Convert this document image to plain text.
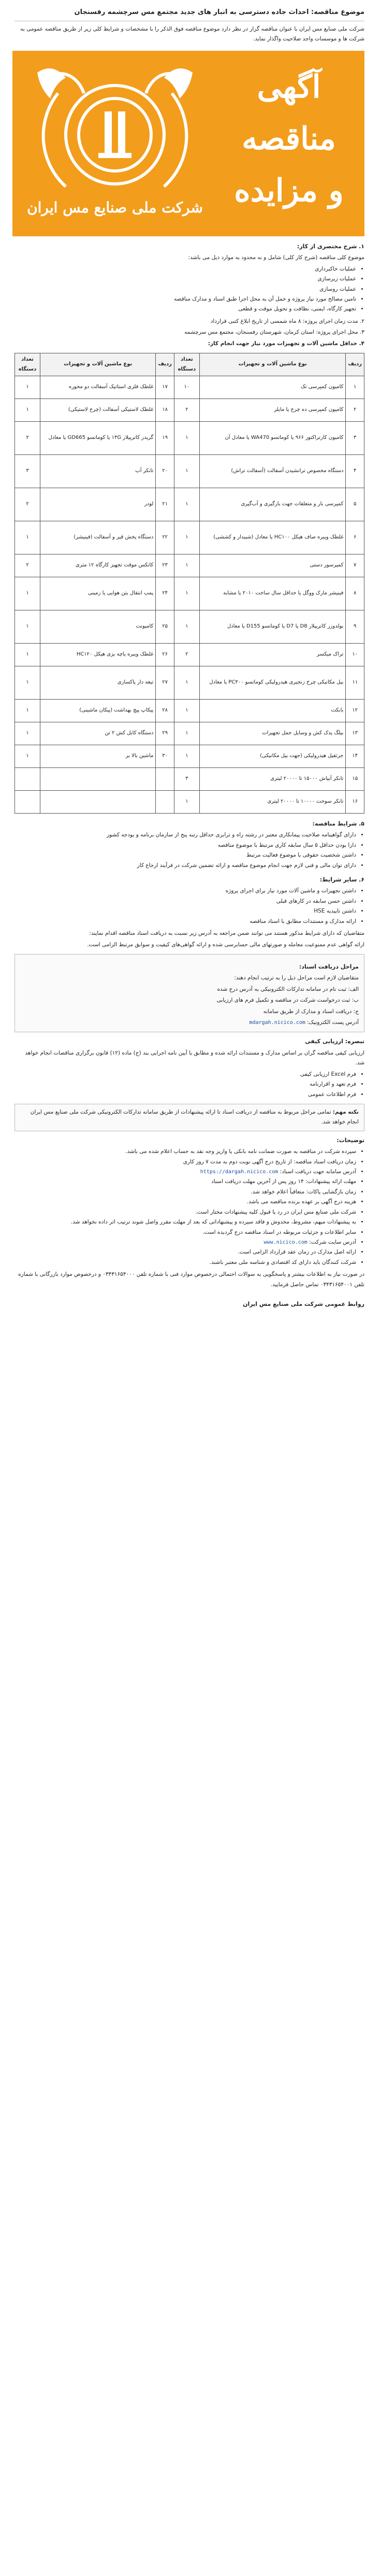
موضوع مناقصه: احداث جاده دسترسی به انبار های جدید مجتمع مس سرچشمه رفسنجان
شرکت ملی صنایع مس ایران با عنوان مناقصه گزار در نظر دارد موضوع مناقصه فوق الذکر را با مشخصات و شرایط کلی زیر از طریق مناقصه عمومی به شرکت ها و موسسات واجد صلاحیت واگذار نماید.
شرکت ملی صنایع مس ایران
آگهی
مناقصه
و مزایده
۱. شرح مختصری از کار:
موضوع کلی مناقصه (شرح کار کلی) شامل و نه محدود به موارد ذیل می باشد:
• عملیات خاکبرداری
• عملیات زیرسازی
• عملیات روسازی
• تامین مصالح مورد نیاز پروژه و حمل آن به محل اجرا طبق اسناد و مدارک مناقصه
• تجهیز کارگاه، ایمنی، نظافت و تحویل موقت و قطعی
۲. مدت زمان اجرای پروژه: ۸ ماه شمسی از تاریخ ابلاغ کتبی قرارداد
۳. محل اجرای پروژه: استان کرمان، شهرستان رفسنجان، مجتمع مس سرچشمه
۴. حداقل ماشین آلات و تجهیزات مورد نیاز جهت انجام کار:
ردیف	نوع ماشین آلات و تجهیزات	تعداد دستگاه	ردیف	نوع ماشین آلات و تجهیزات	تعداد دستگاه
۱	کامیون کمپرسی تک	۱۰	۱۷	غلطک فلزی استاتیک آسفالت دو محوره	۱
۲	کامیون کمپرسی ده چرخ یا مایلر	۲	۱۸	غلطک لاستیکی آسفالت (چرخ لاستیکی)	۱
۳	کامیون کارتراکتور ۹۶۶ یا کوماتسو WA470 یا معادل آن	۱	۱۹	گریدر کاترپیلار ۱۴G یا کوماتسو GD665 یا معادل	۲
۴	دستگاه مخصوص ترانشیدن آسفالت (آسفالت تراش)	۱	۲۰	تانکر آب	۳
۵	کمپرسی بار و متعلقات جهت بارگیری و آب‌گیری	۱	۲۱	لودر	۲
۶	غلطک ویبره صاف هیکل HC۱۰۰ یا معادل (شیبدار و کششی)	۱	۲۲	دستگاه پخش قیر و آسفالت (فینیشر)	۱
۷	کمپرسور دستی	۱	۲۳	کانکس موقت تجهیز کارگاه ۱۲ متری	۲
۸	فینیشر مارک ووگل یا حداقل سال ساخت ۲۰۱۰ یا مشابه	۱	۲۴	پمپ انتقال بتن هوایی یا زمینی	۱
۹	بولدوزر کاترپیلار D8 یا D7 یا کوماتسو D155 یا معادل	۱	۲۵	کامیونت	۱
۱۰	تراک میکسر	۲	۲۶	غلطک ویبره پاچه بزی هیکل HC۱۲۰	۱
۱۱	بیل مکانیکی چرخ زنجیری هیدرولیکی کوماتسو PC۳۰۰ یا معادل	۱	۲۷	تیغه دار پاکسازی	۱
۱۲	بابکت	۱	۲۸	پیکاپ پیچ بهداشت (پیکان ماشینی)	۱
۱۳	بیلگ یدک کش و وسایل حمل تجهیزات	۱	۲۹	دستگاه کابل کش ۲ تن	۱
۱۴	جرثقیل هیدرولیکی (جهت بیل مکانیکی)	۱	۳۰	ماشین بالا بر	۱
۱۵	تانکر آبپاش ۱۵۰۰۰ تا ۲۰۰۰۰ لیتری	۳			
۱۶	تانکر سوخت ۱۰۰۰۰ تا ۲۰۰۰۰ لیتری	۱			
۵. شرایط مناقصه:
• دارای گواهینامه صلاحیت پیمانکاری معتبر در رشته راه و ترابری حداقل رتبه پنج از سازمان برنامه و بودجه کشور
• دارا بودن حداقل ۵ سال سابقه کاری مرتبط با موضوع مناقصه
• داشتن شخصیت حقوقی با موضوع فعالیت مرتبط
• دارای توان مالی و فنی لازم جهت انجام موضوع مناقصه و ارائه تضمین شرکت در فرآیند ارجاع کار
۶. سایر شرایط:
• داشتن تجهیزات و ماشین آلات مورد نیاز برای اجرای پروژه
• داشتن حسن سابقه در کارهای قبلی
• داشتن تاییدیه HSE
• ارائه مدارک و مستندات مطابق با اسناد مناقصه
متقاضیان که دارای شرایط مذکور هستند می توانند ضمن مراجعه به آدرس زیر نسبت به دریافت اسناد مناقصه اقدام نمایند:
ارائه گواهی عدم ممنوعیت معامله و صورتهای مالی حسابرسی شده و ارائه گواهی‌های کیفیت و سوابق مرتبط الزامی است.
مراحل دریافت اسناد:
متقاضیان لازم است مراحل ذیل را به ترتیب انجام دهند:
الف: ثبت نام در سامانه تدارکات الکترونیکی به آدرس درج شده
ب: ثبت درخواست شرکت در مناقصه و تکمیل فرم های ارزیابی
ج: دریافت اسناد و مدارک از طریق سامانه
آدرس پست الکترونیک: mdargah.nicico.com
تبصره: ارزیابی کیفی
ارزیابی کیفی مناقصه گران بر اساس مدارک و مستندات ارائه شده و مطابق با آیین نامه اجرایی بند (ج) ماده (۱۲) قانون برگزاری مناقصات انجام خواهد شد.
• فرم Excel ارزیابی کیفی
• فرم تعهد و اقرارنامه
• فرم اطلاعات عمومی
نکته مهم: تمامی مراحل مربوط به مناقصه از دریافت اسناد تا ارائه پیشنهادات از طریق سامانه تدارکات الکترونیکی شرکت ملی صنایع مس ایران انجام خواهد شد.
توضیحات:
• سپرده شرکت در مناقصه به صورت ضمانت نامه بانکی یا واریز وجه نقد به حساب اعلام شده می باشد.
• زمان دریافت اسناد مناقصه: از تاریخ درج آگهی نوبت دوم به مدت ۷ روز کاری
• آدرس سامانه جهت دریافت اسناد: https://dargah.nicico.com
• مهلت ارائه پیشنهادات: ۱۴ روز پس از آخرین مهلت دریافت اسناد
• زمان بازگشایی پاکات: متعاقباً اعلام خواهد شد.
• هزینه درج آگهی بر عهده برنده مناقصه می باشد.
• شرکت ملی صنایع مس ایران در رد یا قبول کلیه پیشنهادات مختار است.
• به پیشنهادات مبهم، مشروط، مخدوش و فاقد سپرده و پیشنهاداتی که بعد از مهلت مقرر واصل شوند ترتیب اثر داده نخواهد شد.
• سایر اطلاعات و جزئیات مربوطه در اسناد مناقصه درج گردیده است.
• آدرس سایت شرکت: www.nicico.com
• ارائه اصل مدارک در زمان عقد قرارداد الزامی است.
• شرکت کنندگان باید دارای کد اقتصادی و شناسه ملی معتبر باشند.
در صورت نیاز به اطلاعات بیشتر و پاسخگویی به سوالات احتمالی درخصوص موارد فنی با شماره تلفن ۰۳۴۳۱۶۵۴۰۰۰ و درخصوص موارد بازرگانی با شماره تلفن ۰۳۴۳۱۶۵۴۰۰۱ تماس حاصل فرمایید.
روابط عمومی شرکت ملی صنایع مس ایران
